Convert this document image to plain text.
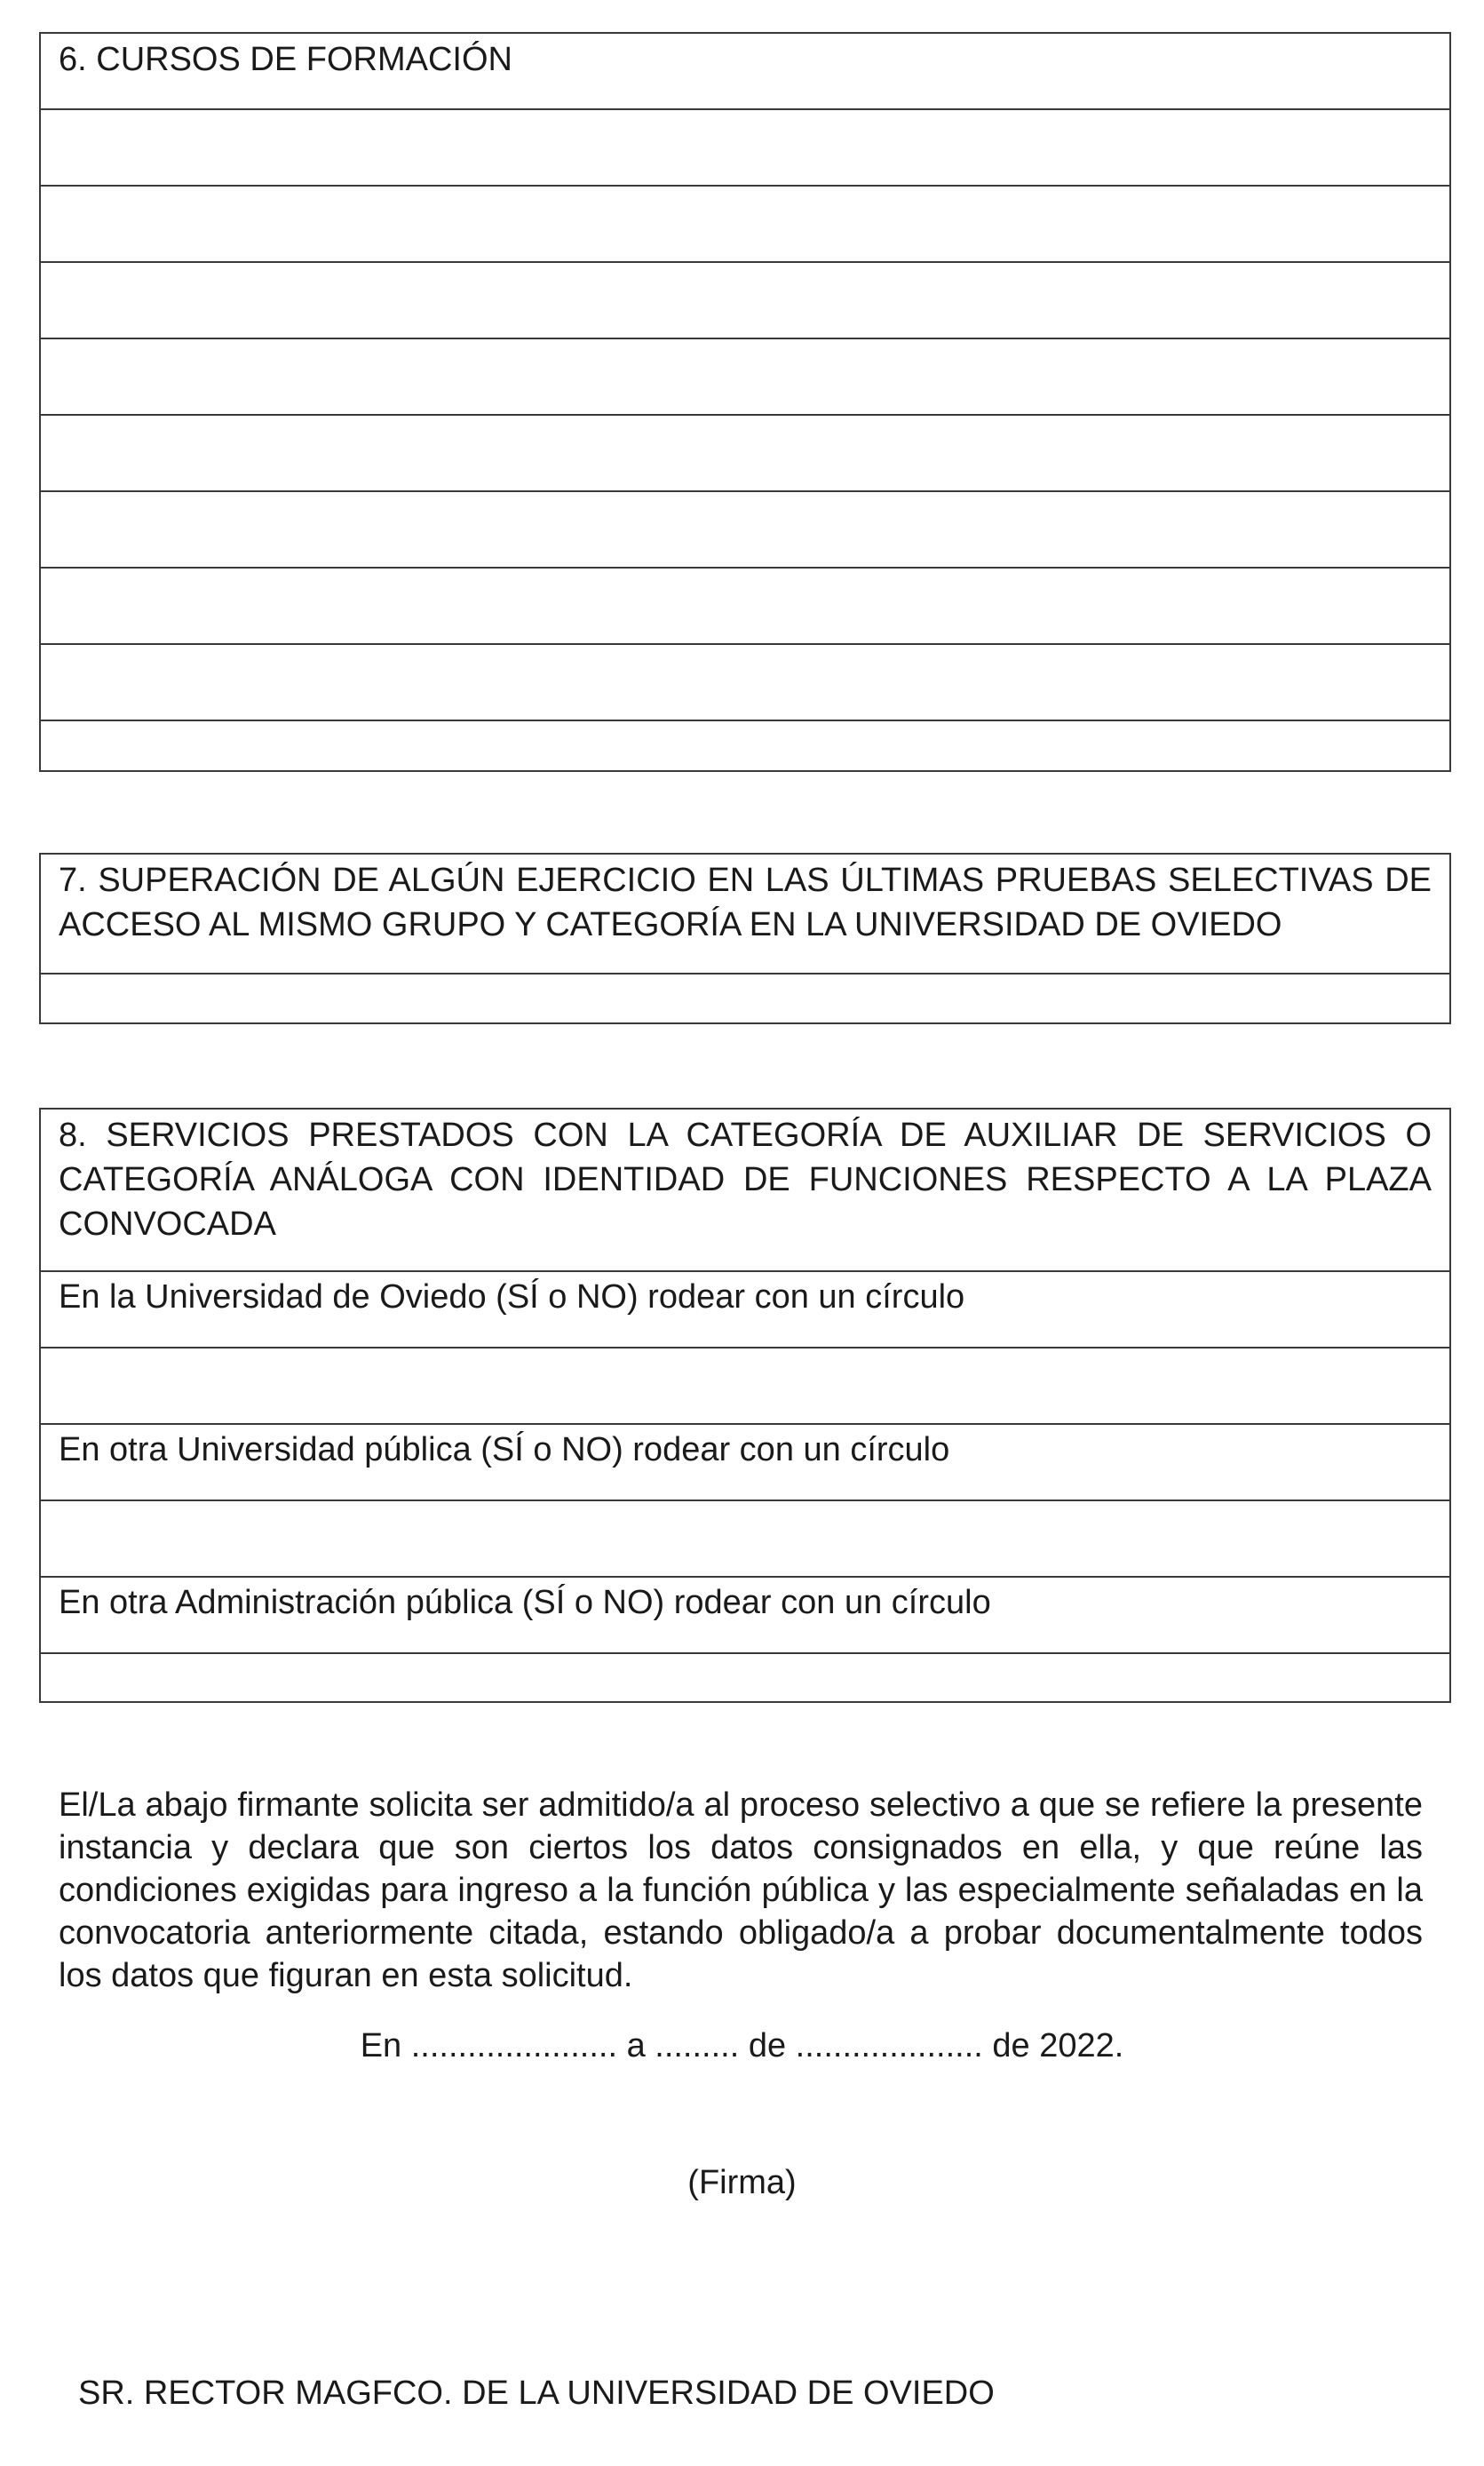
6. CURSOS DE FORMACIÓN
7. SUPERACIÓN DE ALGÚN EJERCICIO EN LAS ÚLTIMAS PRUEBAS SELECTIVAS DE ACCESO AL MISMO GRUPO Y CATEGORÍA EN LA UNIVERSIDAD DE OVIEDO
8. SERVICIOS PRESTADOS CON LA CATEGORÍA DE AUXILIAR DE SERVICIOS O CATEGORÍA ANÁLOGA CON IDENTIDAD DE FUNCIONES RESPECTO A LA PLAZA CONVOCADA
En la Universidad de Oviedo (SÍ o NO) rodear con un círculo
En otra Universidad pública (SÍ o NO) rodear con un círculo
En otra Administración pública (SÍ o NO) rodear con un círculo
El/La abajo firmante solicita ser admitido/a al proceso selectivo a que se refiere la presente instancia y declara que son ciertos los datos consignados en ella, y que reúne las condiciones exigidas para ingreso a la función pública y las especialmente señaladas en la convocatoria anteriormente citada, estando obligado/a a probar documentalmente todos los datos que figuran en esta solicitud.
En ...................... a ......... de .................... de 2022.
(Firma)
SR. RECTOR MAGFCO. DE LA UNIVERSIDAD DE OVIEDO
